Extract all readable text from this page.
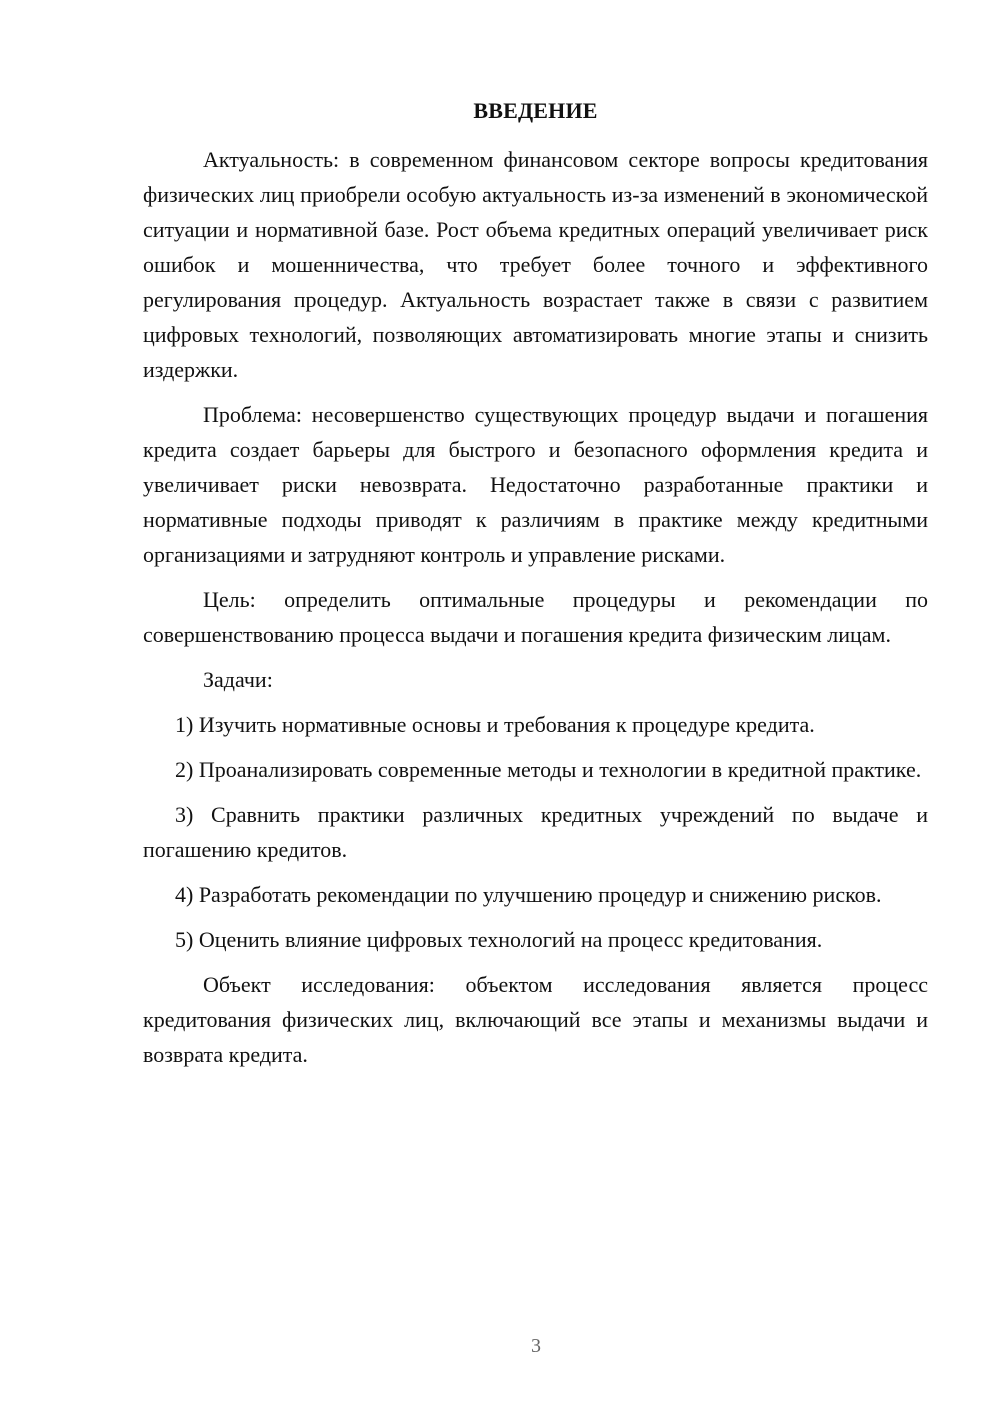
ВВЕДЕНИЕ

Актуальность: в современном финансовом секторе вопросы кредитования физических лиц приобрели особую актуальность из-за изменений в экономической ситуации и нормативной базе. Рост объема кредитных операций увеличивает риск ошибок и мошенничества, что требует более точного и эффективного регулирования процедур. Актуальность возрастает также в связи с развитием цифровых технологий, позволяющих автоматизировать многие этапы и снизить издержки.

Проблема: несовершенство существующих процедур выдачи и погашения кредита создает барьеры для быстрого и безопасного оформления кредита и увеличивает риски невозврата. Недостаточно разработанные практики и нормативные подходы приводят к различиям в практике между кредитными организациями и затрудняют контроль и управление рисками.

Цель: определить оптимальные процедуры и рекомендации по совершенствованию процесса выдачи и погашения кредита физическим лицам.

Задачи:

1) Изучить нормативные основы и требования к процедуре кредита.

2) Проанализировать современные методы и технологии в кредитной практике.

3) Сравнить практики различных кредитных учреждений по выдаче и погашению кредитов.

4) Разработать рекомендации по улучшению процедур и снижению рисков.

5) Оценить влияние цифровых технологий на процесс кредитования.

Объект исследования: объектом исследования является процесс кредитования физических лиц, включающий все этапы и механизмы выдачи и возврата кредита.

3
